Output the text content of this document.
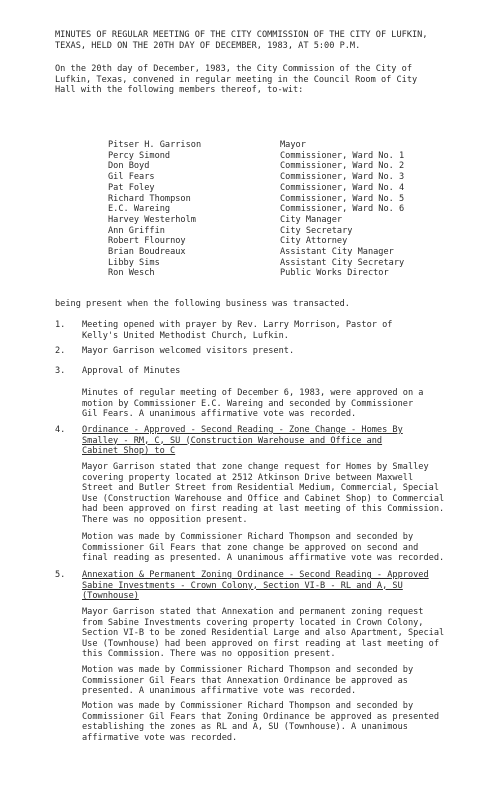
MINUTES OF REGULAR MEETING OF THE CITY COMMISSION OF THE CITY OF LUFKIN,
TEXAS, HELD ON THE 20TH DAY OF DECEMBER, 1983, AT 5:00 P.M.
On the 20th day of December, 1983, the City Commission of the City of
Lufkin, Texas, convened in regular meeting in the Council Room of City
Hall with the following members thereof, to-wit:
Pitser H. Garrison	Mayor
Percy Simond	Commissioner, Ward No. 1
Don Boyd	Commissioner, Ward No. 2
Gil Fears	Commissioner, Ward No. 3
Pat Foley	Commissioner, Ward No. 4
Richard Thompson	Commissioner, Ward No. 5
E.C. Wareing	Commissioner, Ward No. 6
Harvey Westerholm	City Manager
Ann Griffin	City Secretary
Robert Flournoy	City Attorney
Brian Boudreaux	Assistant City Manager
Libby Sims	Assistant City Secretary
Ron Wesch	Public Works Director
being present when the following business was transacted.
1. Meeting opened with prayer by Rev. Larry Morrison, Pastor of
Kelly's United Methodist Church, Lufkin.
2. Mayor Garrison welcomed visitors present.
3. Approval of Minutes
Minutes of regular meeting of December 6, 1983, were approved on a
motion by Commissioner E.C. Wareing and seconded by Commissioner
Gil Fears. A unanimous affirmative vote was recorded.
4. Ordinance - Approved - Second Reading - Zone Change - Homes By
Smalley - RM, C, SU (Construction Warehouse and Office and
Cabinet Shop) to C
Mayor Garrison stated that zone change request for Homes by Smalley
covering property located at 2512 Atkinson Drive between Maxwell
Street and Butler Street from Residential Medium, Commercial, Special
Use (Construction Warehouse and Office and Cabinet Shop) to Commercial
had been approved on first reading at last meeting of this Commission.
There was no opposition present.
Motion was made by Commissioner Richard Thompson and seconded by
Commissioner Gil Fears that zone change be approved on second and
final reading as presented. A unanimous affirmative vote was recorded.
5. Annexation & Permanent Zoning Ordinance - Second Reading - Approved
Sabine Investments - Crown Colony, Section VI-B - RL and A, SU
(Townhouse)
Mayor Garrison stated that Annexation and permanent zoning request
from Sabine Investments covering property located in Crown Colony,
Section VI-B to be zoned Residential Large and also Apartment, Special
Use (Townhouse) had been approved on first reading at last meeting of
this Commission. There was no opposition present.
Motion was made by Commissioner Richard Thompson and seconded by
Commissioner Gil Fears that Annexation Ordinance be approved as
presented. A unanimous affirmative vote was recorded.
Motion was made by Commissioner Richard Thompson and seconded by
Commissioner Gil Fears that Zoning Ordinance be approved as presented
establishing the zones as RL and A, SU (Townhouse). A unanimous
affirmative vote was recorded.
